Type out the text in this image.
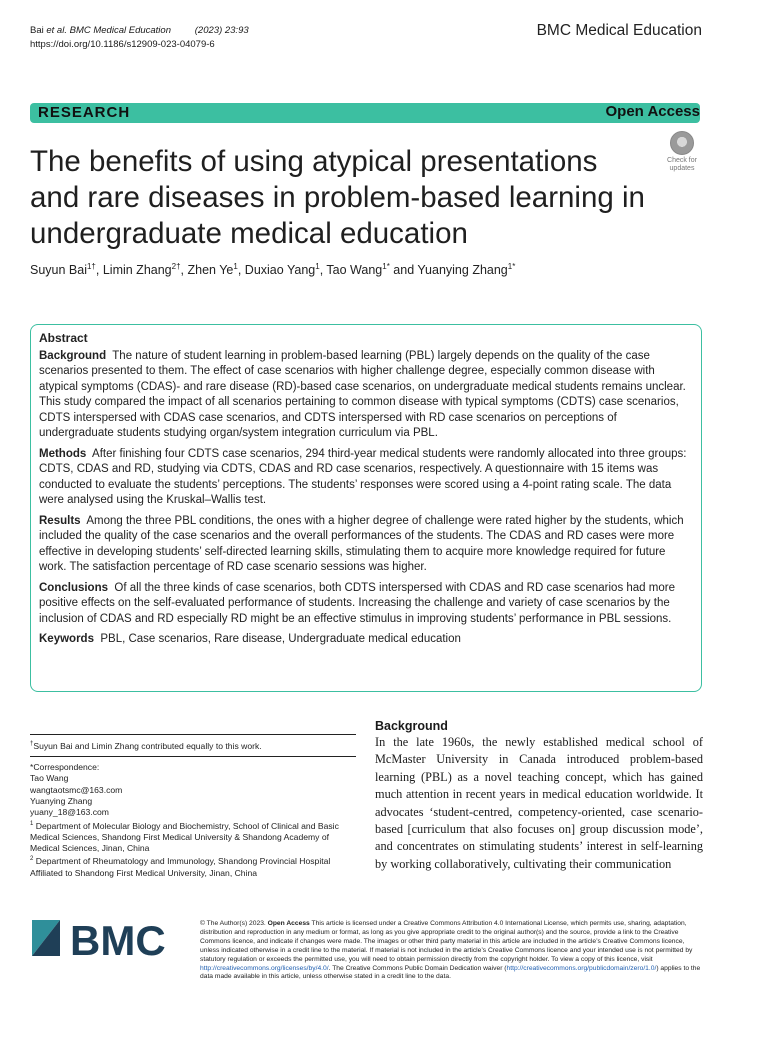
Bai et al. BMC Medical Education	(2023) 23:93
https://doi.org/10.1186/s12909-023-04079-6
BMC Medical Education
RESEARCH	Open Access
The benefits of using atypical presentations and rare diseases in problem-based learning in undergraduate medical education
Check for
updates
Suyun Bai$^{1\dagger}$, Limin Zhang$^{2\dagger}$, Zhen Ye$^1$, Duxiao Yang$^1$, Tao Wang$^{1*}$ and Yuanying Zhang$^{1*}$
Abstract

Background The nature of student learning in problem-based learning (PBL) largely depends on the quality of the case scenarios presented to them. The effect of case scenarios with higher challenge degree, especially common disease with atypical symptoms (CDAS)- and rare disease (RD)-based case scenarios, on undergraduate medical students remains unclear. This study compared the impact of all scenarios pertaining to common disease with typical symptoms (CDTS) case scenarios, CDTS interspersed with CDAS case scenarios, and CDTS interspersed with RD case scenarios on perceptions of undergraduate students studying organ/system integration curriculum via PBL.

Methods After finishing four CDTS case scenarios, 294 third-year medical students were randomly allocated into three groups: CDTS, CDAS and RD, studying via CDTS, CDAS and RD case scenarios, respectively. A questionnaire with 15 items was conducted to evaluate the students’ perceptions. The students’ responses were scored using a 4-point rating scale. The data were analysed using the Kruskal–Wallis test.

Results Among the three PBL conditions, the ones with a higher degree of challenge were rated higher by the students, which included the quality of the case scenarios and the overall performances of the students. The CDAS and RD cases were more effective in developing students’ self-directed learning skills, stimulating them to acquire more knowledge required for future work. The satisfaction percentage of RD case scenario sessions was higher.

Conclusions Of all the three kinds of case scenarios, both CDTS interspersed with CDAS and RD case scenarios had more positive effects on the self-evaluated performance of students. Increasing the challenge and variety of case scenarios by the inclusion of CDAS and RD especially RD might be an effective stimulus in improving students’ performance in PBL sessions.

Keywords PBL, Case scenarios, Rare disease, Undergraduate medical education

†Suyun Bai and Limin Zhang contributed equally to this work.
*Correspondence:
Tao Wang
wangtaotsmc@163.com
Yuanying Zhang
yuany_18@163.com
$^1$ Department of Molecular Biology and Biochemistry, School of Clinical and Basic Medical Sciences, Shandong First Medical University & Shandong Academy of Medical Sciences, Jinan, China
$^2$ Department of Rheumatology and Immunology, Shandong Provincial Hospital Affiliated to Shandong First Medical University, Jinan, China
Background
In the late 1960s, the newly established medical school of McMaster University in Canada introduced problem-based learning (PBL) as a novel teaching concept, which has gained much attention in recent years in medical education worldwide. It advocates ‘student-centred, competency-oriented, case scenario-based [curriculum that also focuses on] group discussion mode’, and concentrates on stimulating students’ interest in self-learning by working collaboratively, cultivating their communication
BMC	© The Author(s) 2023. Open Access This article is licensed under a Creative Commons Attribution 4.0 International License, which permits use, sharing, adaptation, distribution and reproduction in any medium or format, as long as you give appropriate credit to the original author(s) and the source, provide a link to the Creative Commons licence, and indicate if changes were made. The images or other third party material in this article are included in the article’s Creative Commons licence, unless indicated otherwise in a credit line to the material. If material is not included in the article’s Creative Commons licence and your intended use is not permitted by statutory regulation or exceeds the permitted use, you will need to obtain permission directly from the copyright holder. To view a copy of this licence, visit http://creativecommons.org/licenses/by/4.0/. The Creative Commons Public Domain Dedication waiver (http://creativecommons.org/publicdomain/zero/1.0/) applies to the data made available in this article, unless otherwise stated in a credit line to the data.
